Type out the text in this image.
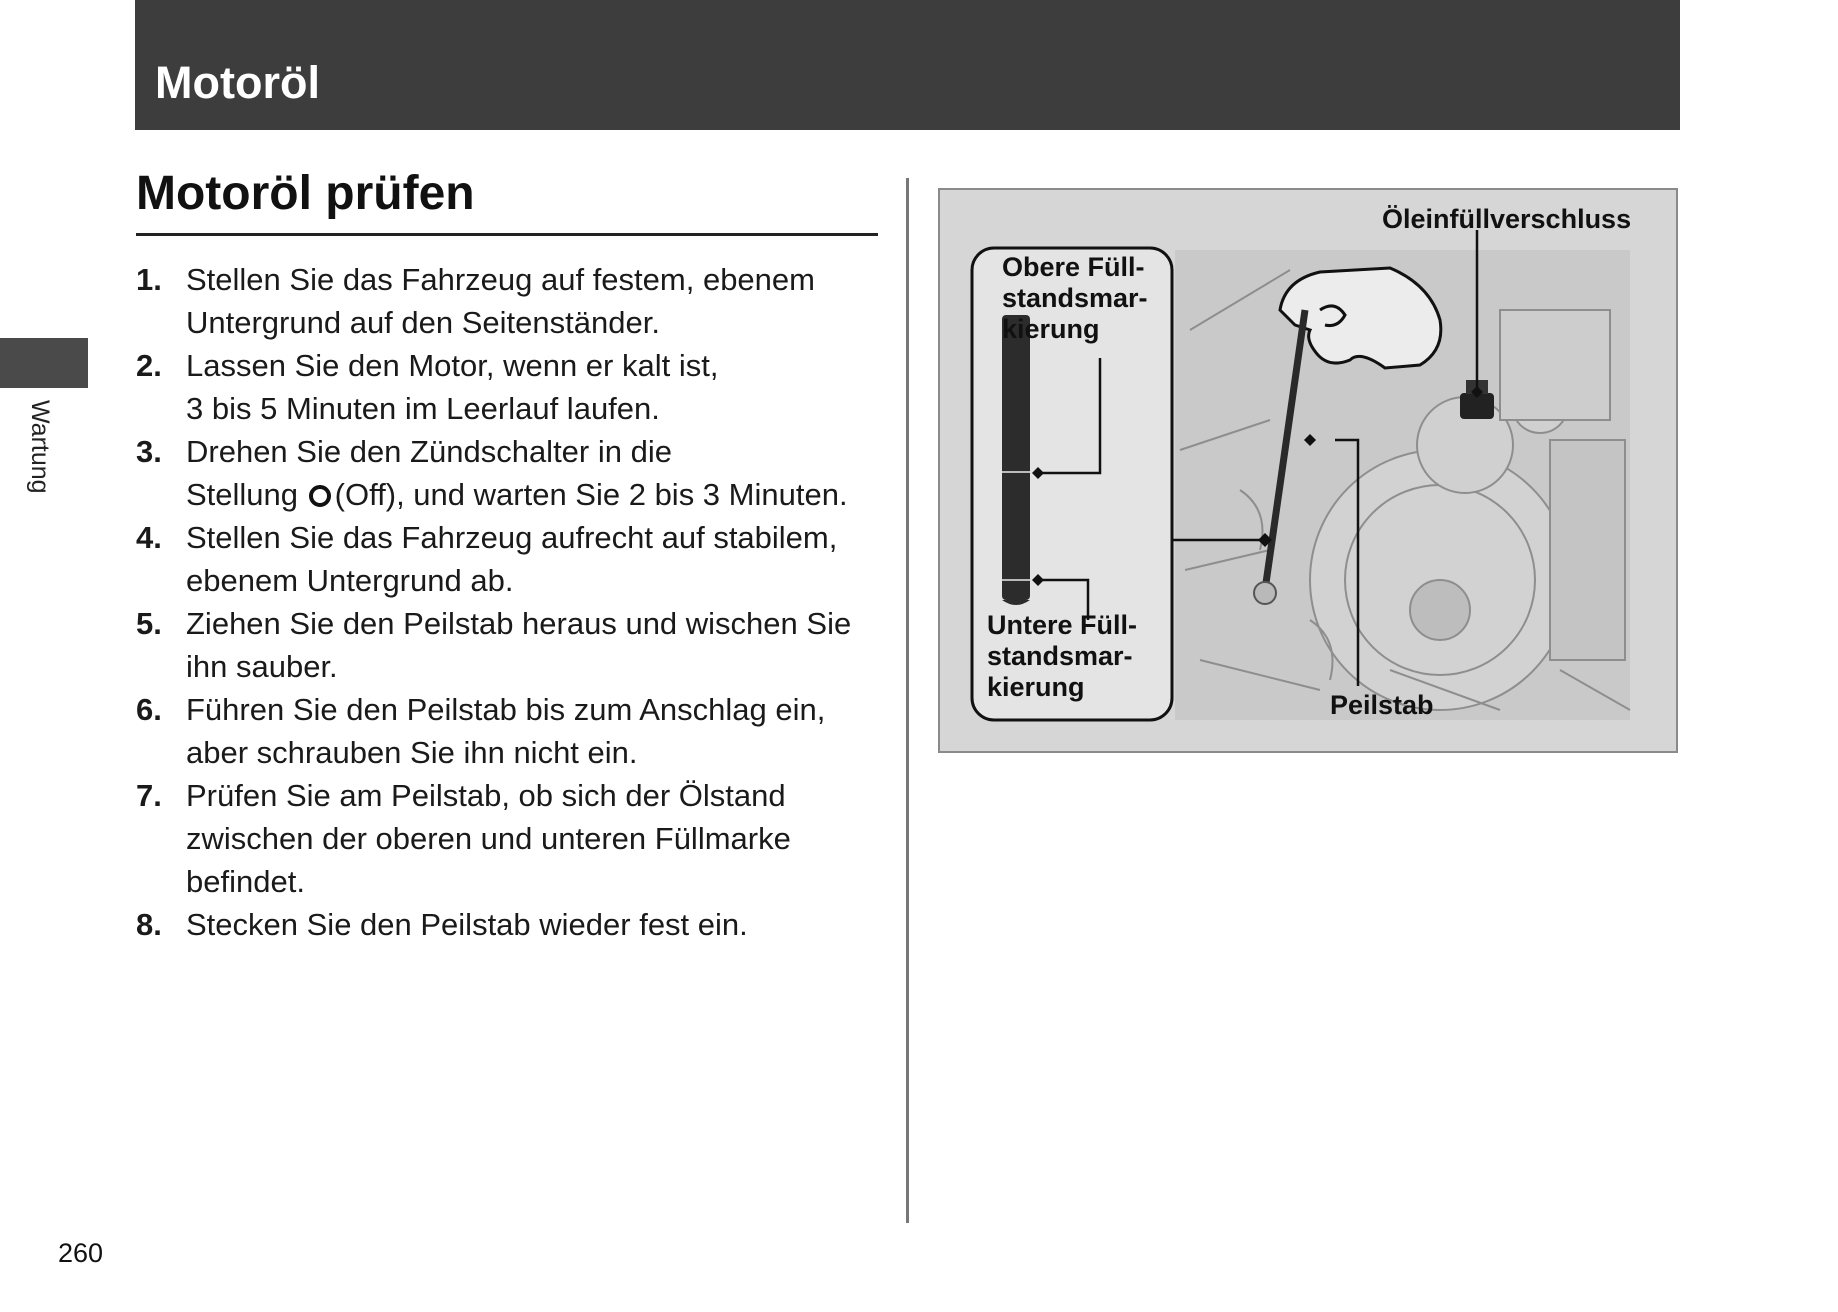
Motoröl
Wartung
Motoröl prüfen
1. Stellen Sie das Fahrzeug auf festem, ebenem
Untergrund auf den Seitenständer.
2. Lassen Sie den Motor, wenn er kalt ist,
3 bis 5 Minuten im Leerlauf laufen.
3. Drehen Sie den Zündschalter in die
Stellung (Off), und warten Sie 2 bis 3 Minuten.
4. Stellen Sie das Fahrzeug aufrecht auf stabilem,
ebenem Untergrund ab.
5. Ziehen Sie den Peilstab heraus und wischen Sie
ihn sauber.
6. Führen Sie den Peilstab bis zum Anschlag ein,
aber schrauben Sie ihn nicht ein.
7. Prüfen Sie am Peilstab, ob sich der Ölstand
zwischen der oberen und unteren Füllmarke
befindet.
8. Stecken Sie den Peilstab wieder fest ein.
Öleinfüllverschluss
Obere Füll-
standsmar-
kierung
Untere Füll-
standsmar-
kierung
Peilstab
260
